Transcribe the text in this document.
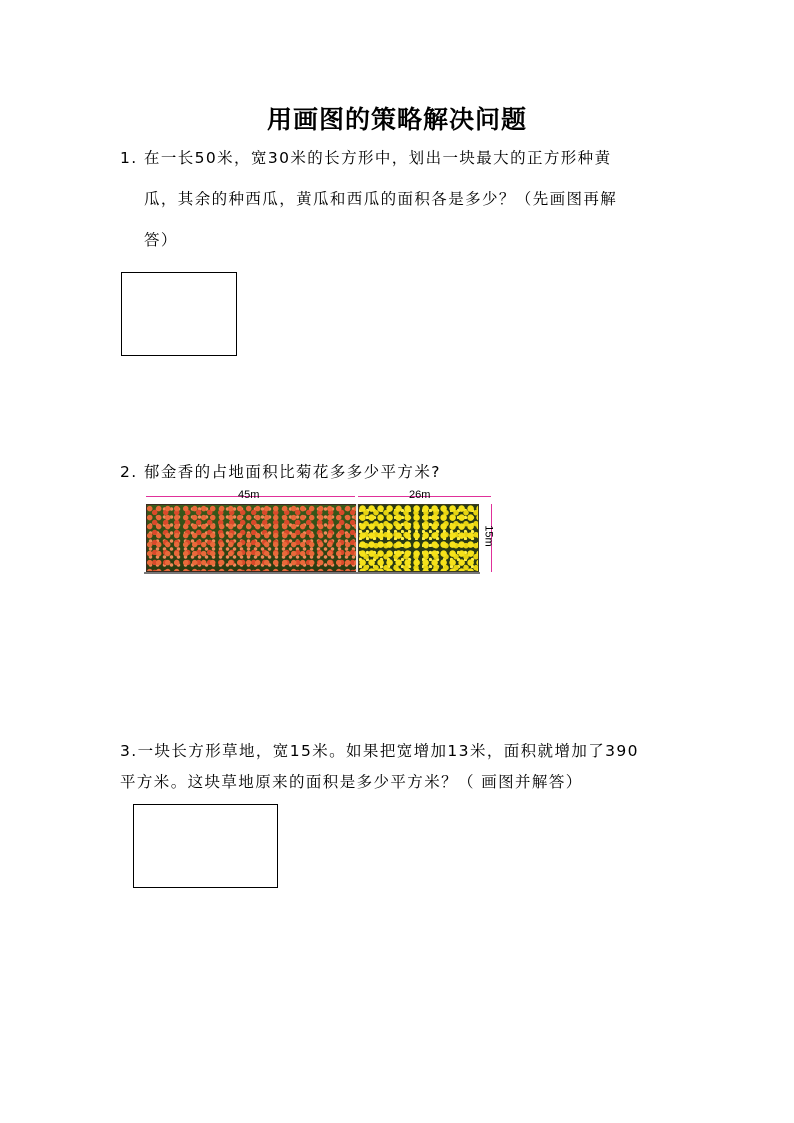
用画图的策略解决问题
1. 在一长50米，宽30米的长方形中，划出一块最大的正方形种黄
瓜，其余的种西瓜，黄瓜和西瓜的面积各是多少？（先画图再解
答）
2. 郁金香的占地面积比菊花多多少平方米?
45m	26m
15m
3.一块长方形草地，宽15米。如果把宽增加13米，面积就增加了390
平方米。这块草地原来的面积是多少平方米？（ 画图并解答）
